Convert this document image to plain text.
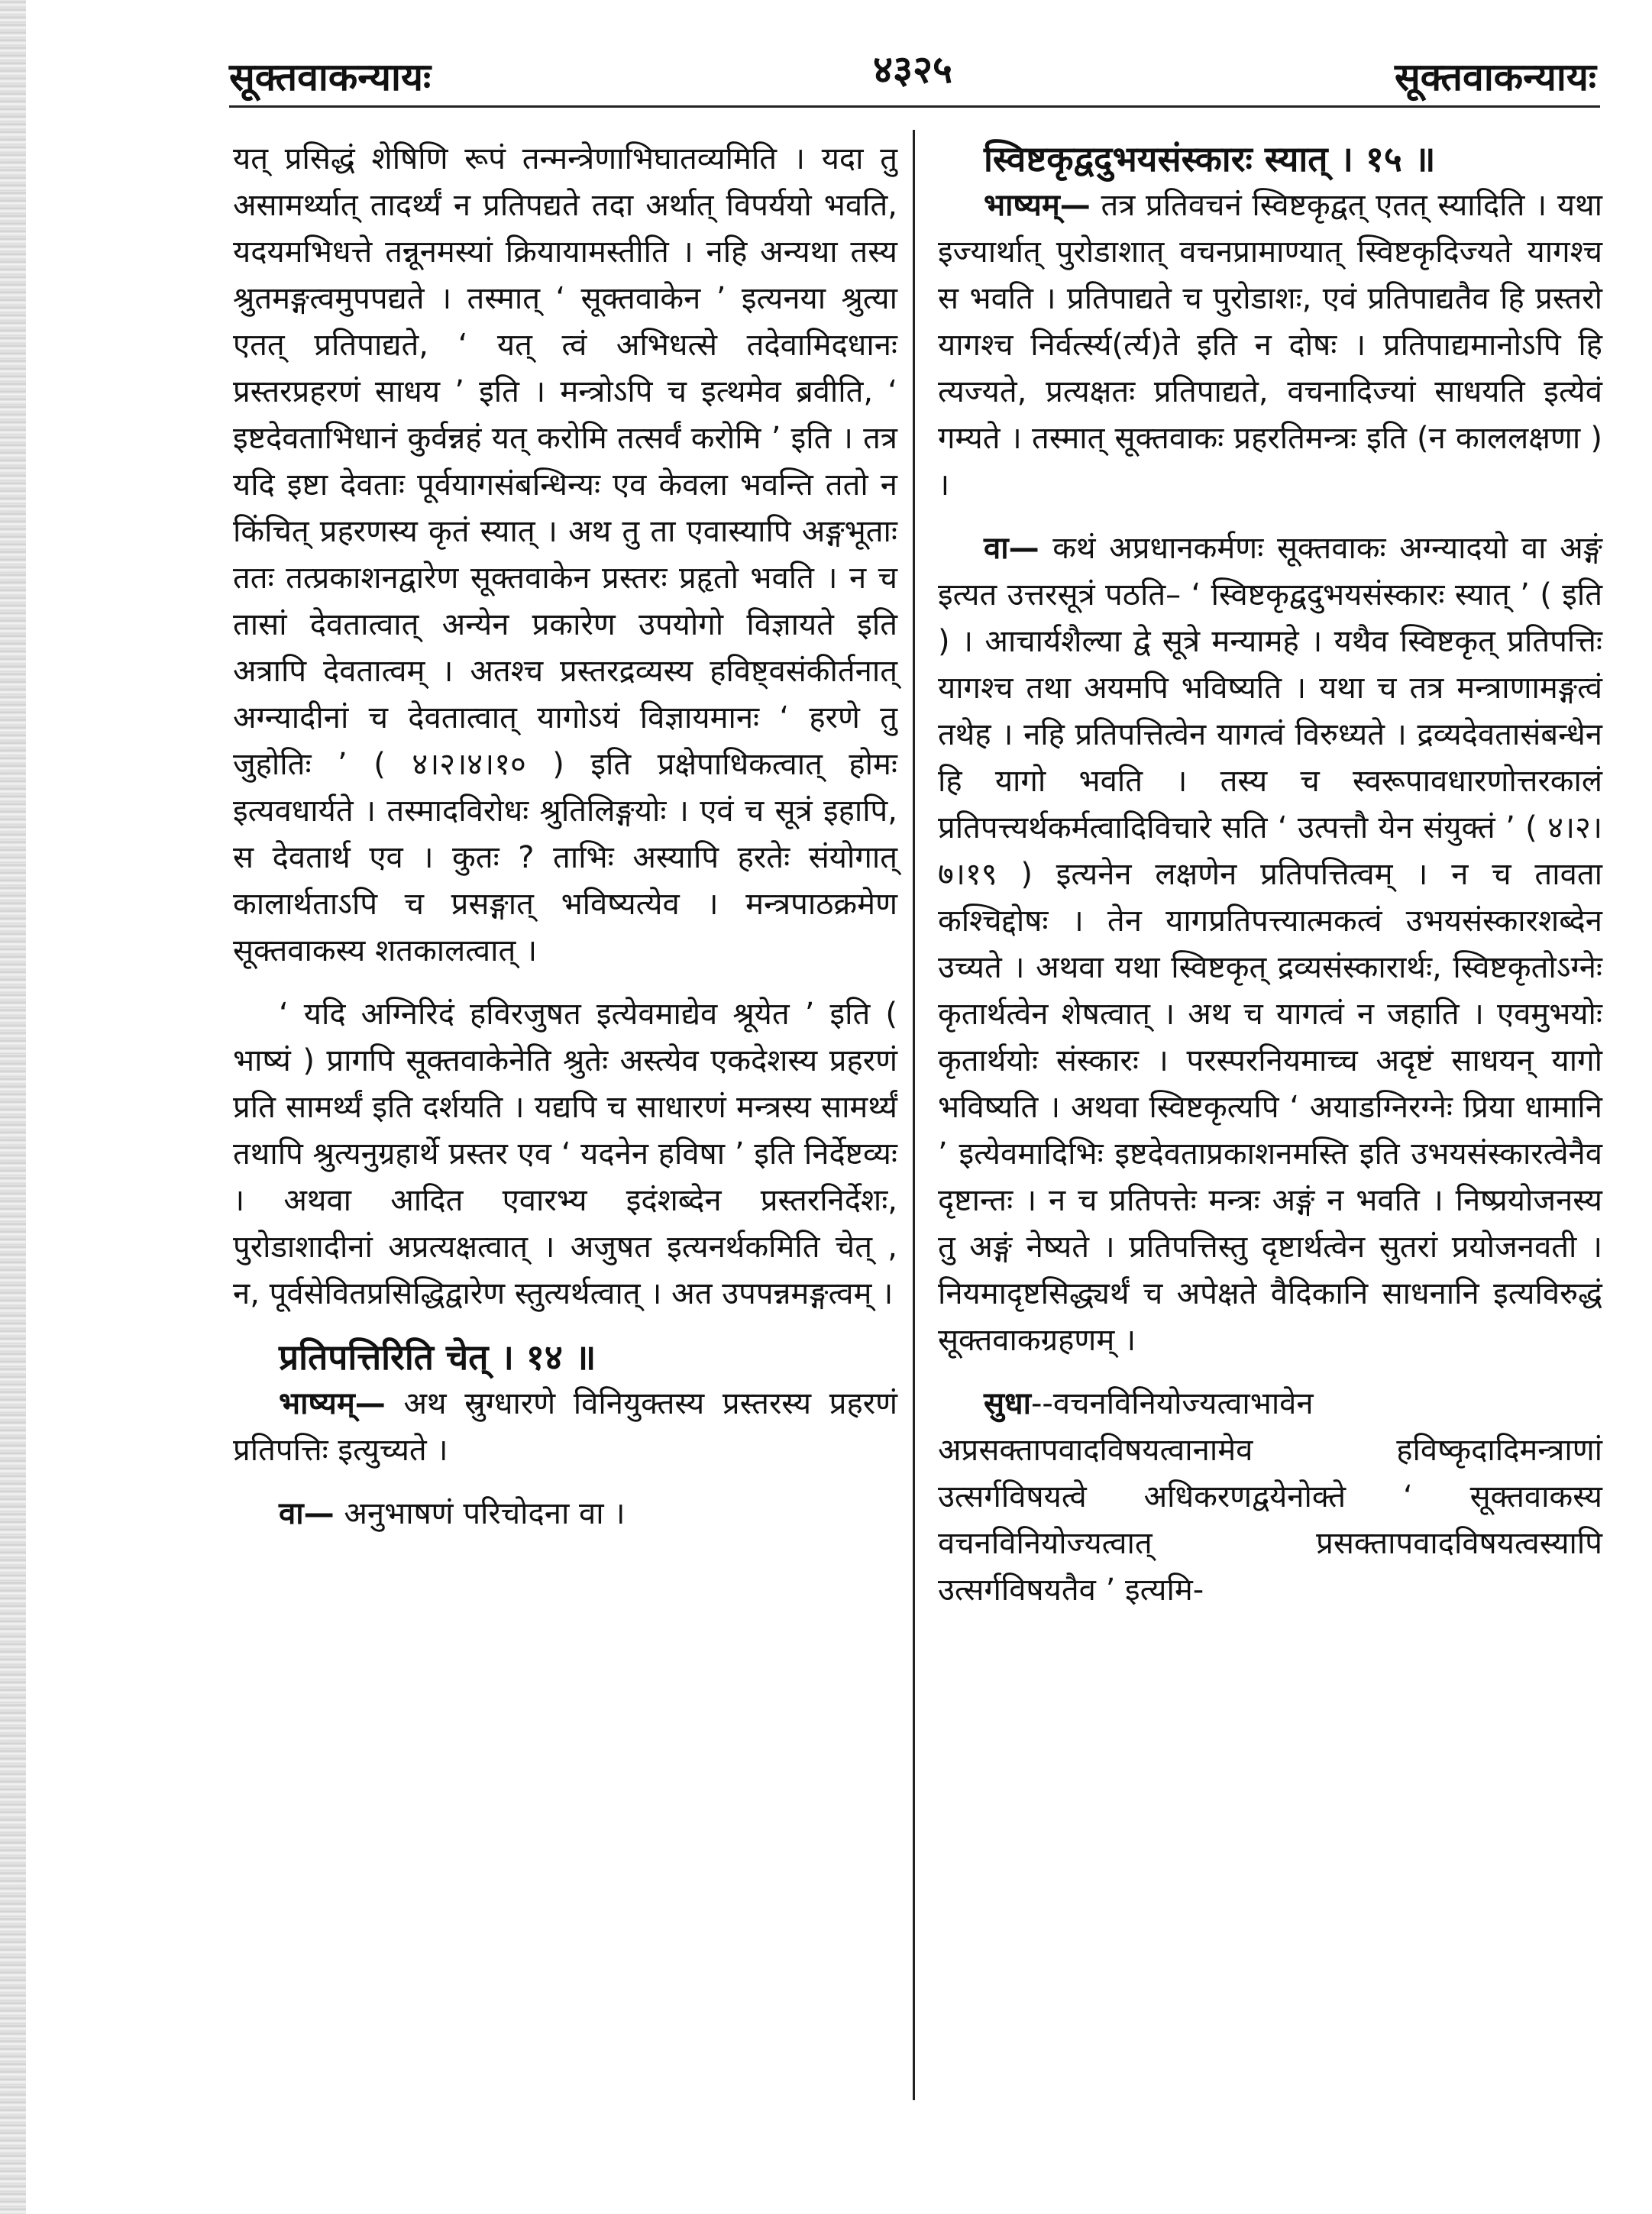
सूक्तवाकन्यायः	४३२५	सूक्तवाकन्यायः

यत् प्रसिद्धं शेषिणि रूपं तन्मन्त्रेणाभिघातव्यमिति । यदा तु असामर्थ्यात् तादर्थ्यं न प्रतिपद्यते तदा अर्थात् विपर्ययो भवति, यदयमभिधत्ते तन्नूनमस्यां क्रियायामस्तीति । नहि अन्यथा तस्य श्रुतमङ्गत्वमुपपद्यते । तस्मात् ‘ सूक्तवाकेन ’ इत्यनया श्रुत्या एतत् प्रतिपाद्यते, ‘ यत् त्वं अभिधत्से तदेवामिदधानः प्रस्तरप्रहरणं साधय ’ इति । मन्त्रोऽपि च इत्थमेव ब्रवीति, ‘ इष्टदेवताभिधानं कुर्वन्नहं यत् करोमि तत्सर्वं करोमि ’ इति । तत्र यदि इष्टा देवताः पूर्वयागसंबन्धिन्यः एव केवला भवन्ति ततो न किंचित् प्रहरणस्य कृतं स्यात् । अथ तु ता एवास्यापि अङ्गभूताः ततः तत्प्रकाशनद्वारेण सूक्तवाकेन प्रस्तरः प्रहृतो भवति । न च तासां देवतात्वात् अन्येन प्रकारेण उपयोगो विज्ञायते इति अत्रापि देवतात्वम् । अतश्च प्रस्तरद्रव्यस्य हविष्ट्वसंकीर्तनात् अग्न्यादीनां च देवतात्वात् यागोऽयं विज्ञायमानः ‘ हरणे तु जुहोतिः ’ ( ४।२।४।१० ) इति प्रक्षेपाधिकत्वात् होमः इत्यवधार्यते । तस्मादविरोधः श्रुतिलिङ्गयोः । एवं च सूत्रं इहापि, स देवतार्थ एव । कुतः ? ताभिः अस्यापि हरतेः संयोगात् कालार्थताऽपि च प्रसङ्गात् भविष्यत्येव । मन्त्रपाठक्रमेण सूक्तवाकस्य शतकालत्वात् ।

‘ यदि अग्निरिदं हविरजुषत इत्येवमाद्येव श्रूयेत ’ इति ( भाष्यं ) प्रागपि सूक्तवाकेनेति श्रुतेः अस्त्येव एकदेशस्य प्रहरणं प्रति सामर्थ्यं इति दर्शयति । यद्यपि च साधारणं मन्त्रस्य सामर्थ्यं तथापि श्रुत्यनुग्रहार्थे प्रस्तर एव ‘ यदनेन हविषा ’ इति निर्देष्टव्यः । अथवा आदित एवारभ्य इदंशब्देन प्रस्तरनिर्देशः, पुरोडाशादीनां अप्रत्यक्षत्वात् । अजुषत इत्यनर्थकमिति चेत् , न, पूर्वसेवितप्रसिद्धिद्वारेण स्तुत्यर्थत्वात् । अत उपपन्नमङ्गत्वम् ।

प्रतिपत्तिरिति चेत् । १४ ॥

भाष्यम्— अथ स्रुग्धारणे विनियुक्तस्य प्रस्तरस्य प्रहरणं प्रतिपत्तिः इत्युच्यते ।

वा— अनुभाषणं परिचोदना वा ।

स्विष्टकृद्वदुभयसंस्कारः स्यात् । १५ ॥

भाष्यम्— तत्र प्रतिवचनं स्विष्टकृद्वत् एतत् स्यादिति । यथा इज्यार्थात् पुरोडाशात् वचनप्रामाण्यात् स्विष्टकृदिज्यते यागश्च स भवति । प्रतिपाद्यते च पुरोडाशः, एवं प्रतिपाद्यतैव हि प्रस्तरो यागश्च निर्वर्त्स्य(र्त्य)ते इति न दोषः । प्रतिपाद्यमानोऽपि हि त्यज्यते, प्रत्यक्षतः प्रतिपाद्यते, वचनादिज्यां साधयति इत्येवं गम्यते । तस्मात् सूक्तवाकः प्रहरतिमन्त्रः इति (न काललक्षणा ) ।

वा— कथं अप्रधानकर्मणः सूक्तवाकः अग्न्यादयो वा अङ्गं इत्यत उत्तरसूत्रं पठति– ‘ स्विष्टकृद्वदुभयसंस्कारः स्यात् ’ ( इति ) । आचार्यशैल्या द्वे सूत्रे मन्यामहे । यथैव स्विष्टकृत् प्रतिपत्तिः यागश्च तथा अयमपि भविष्यति । यथा च तत्र मन्त्राणामङ्गत्वं तथेह । नहि प्रतिपत्तित्वेन यागत्वं विरुध्यते । द्रव्यदेवतासंबन्धेन हि यागो भवति । तस्य च स्वरूपावधारणोत्तरकालं प्रतिपत्त्यर्थकर्मत्वादिविचारे सति ‘ उत्पत्तौ येन संयुक्तं ’ ( ४।२।७।१९ ) इत्यनेन लक्षणेन प्रतिपत्तित्वम् । न च तावता कश्चिद्दोषः । तेन यागप्रतिपत्त्यात्मकत्वं उभयसंस्कारशब्देन उच्यते । अथवा यथा स्विष्टकृत् द्रव्यसंस्कारार्थः, स्विष्टकृतोऽग्नेः कृतार्थत्वेन शेषत्वात् । अथ च यागत्वं न जहाति । एवमुभयोः कृतार्थयोः संस्कारः । परस्परनियमाच्च अदृष्टं साधयन् यागो भविष्यति । अथवा स्विष्टकृत्यपि ‘ अयाडग्निरग्नेः प्रिया धामानि ’ इत्येवमादिभिः इष्टदेवताप्रकाशनमस्ति इति उभयसंस्कारत्वेनैव दृष्टान्तः । न च प्रतिपत्तेः मन्त्रः अङ्गं न भवति । निष्प्रयोजनस्य तु अङ्गं नेष्यते । प्रतिपत्तिस्तु दृष्टार्थत्वेन सुतरां प्रयोजनवती । नियमादृष्टसिद्ध्यर्थं च अपेक्षते वैदिकानि साधनानि इत्यविरुद्धं सूक्तवाकग्रहणम् ।

सुधा--वचनविनियोज्यत्वाभावेन अप्रसक्तापवादविषयत्वानामेव हविष्कृदादिमन्त्राणां उत्सर्गविषयत्वे अधिकरणद्वयेनोक्ते ‘ सूक्तवाकस्य वचनविनियोज्यत्वात् प्रसक्तापवादविषयत्वस्यापि उत्सर्गविषयतैव ’ इत्यमि-
